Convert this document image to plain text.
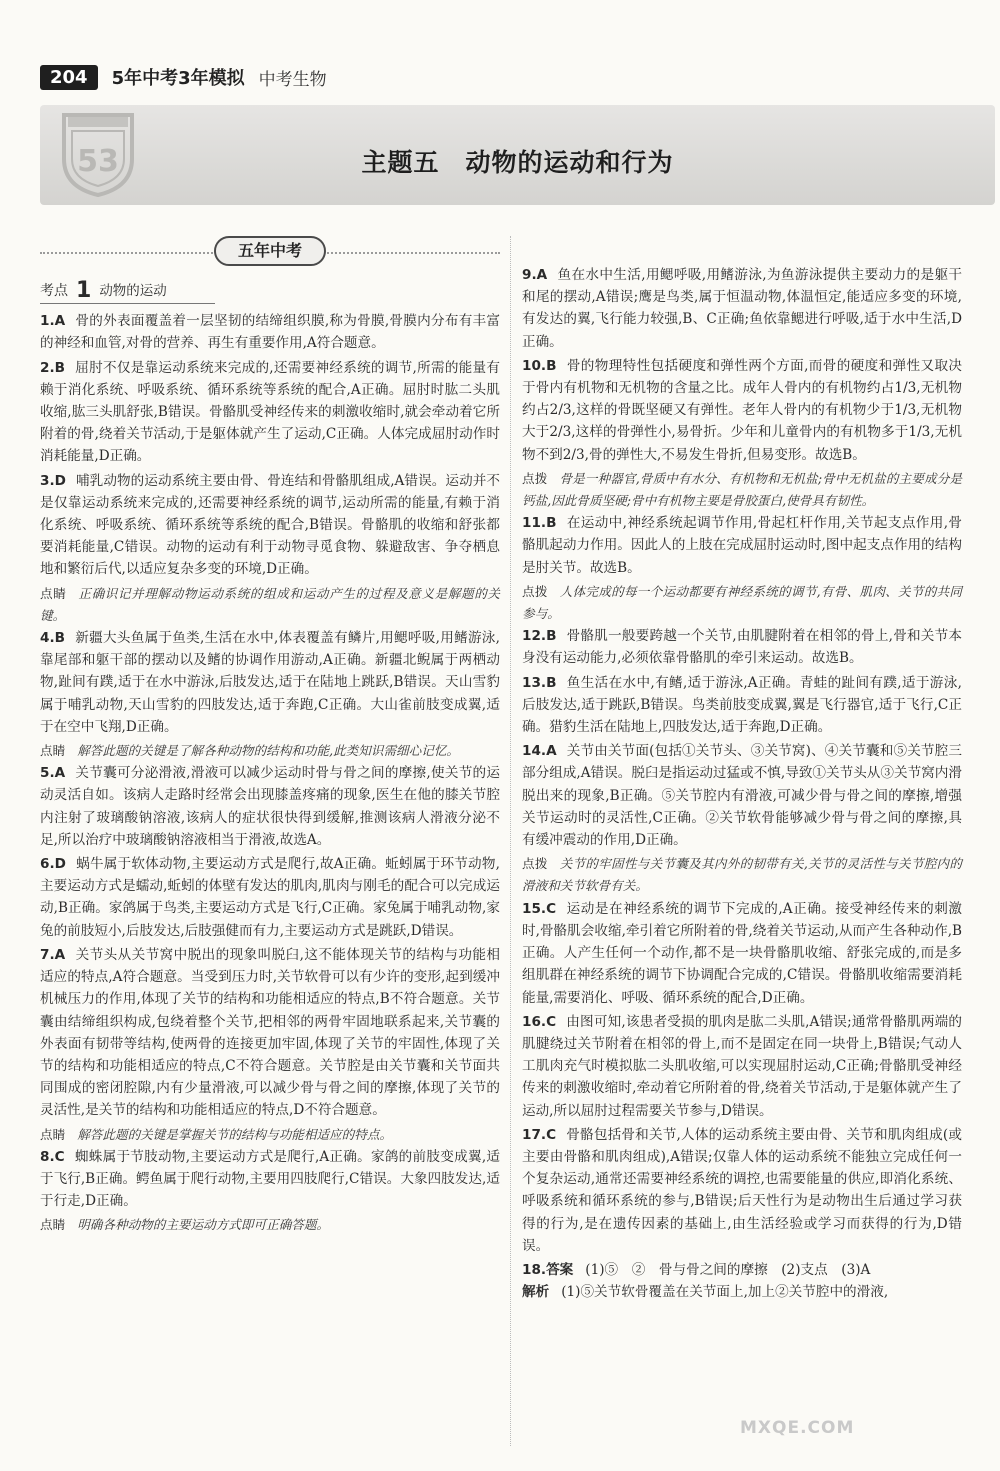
204	5年中考3年模拟 中考生物
53	主题五　动物的运动和行为
五年中考
考点 1 动物的运动
1.A 骨的外表面覆盖着一层坚韧的结缔组织膜,称为骨膜,骨膜内分布有丰富的神经和血管,对骨的营养、再生有重要作用,A符合题意。
2.B 屈肘不仅是靠运动系统来完成的,还需要神经系统的调节,所需的能量有赖于消化系统、呼吸系统、循环系统等系统的配合,A正确。屈肘时肱二头肌收缩,肱三头肌舒张,B错误。骨骼肌受神经传来的刺激收缩时,就会牵动着它所附着的骨,绕着关节活动,于是躯体就产生了运动,C正确。人体完成屈肘动作时消耗能量,D正确。
3.D 哺乳动物的运动系统主要由骨、骨连结和骨骼肌组成,A错误。运动并不是仅靠运动系统来完成的,还需要神经系统的调节,运动所需的能量,有赖于消化系统、呼吸系统、循环系统等系统的配合,B错误。骨骼肌的收缩和舒张都要消耗能量,C错误。动物的运动有利于动物寻觅食物、躲避敌害、争夺栖息地和繁衍后代,以适应复杂多变的环境,D正确。
点睛 正确识记并理解动物运动系统的组成和运动产生的过程及意义是解题的关键。
4.B 新疆大头鱼属于鱼类,生活在水中,体表覆盖有鳞片,用鳃呼吸,用鳍游泳,靠尾部和躯干部的摆动以及鳍的协调作用游动,A正确。新疆北鲵属于两栖动物,趾间有蹼,适于在水中游泳,后肢发达,适于在陆地上跳跃,B错误。天山雪豹属于哺乳动物,天山雪豹的四肢发达,适于奔跑,C正确。大山雀前肢变成翼,适于在空中飞翔,D正确。
点睛 解答此题的关键是了解各种动物的结构和功能,此类知识需细心记忆。
5.A 关节囊可分泌滑液,滑液可以减少运动时骨与骨之间的摩擦,使关节的运动灵活自如。该病人走路时经常会出现膝盖疼痛的现象,医生在他的膝关节腔内注射了玻璃酸钠溶液,该病人的症状很快得到缓解,推测该病人滑液分泌不足,所以治疗中玻璃酸钠溶液相当于滑液,故选A。
6.D 蜗牛属于软体动物,主要运动方式是爬行,故A正确。蚯蚓属于环节动物,主要运动方式是蠕动,蚯蚓的体壁有发达的肌肉,肌肉与刚毛的配合可以完成运动,B正确。家鸽属于鸟类,主要运动方式是飞行,C正确。家兔属于哺乳动物,家兔的前肢短小,后肢发达,后肢强健而有力,主要运动方式是跳跃,D错误。
7.A 关节头从关节窝中脱出的现象叫脱臼,这不能体现关节的结构与功能相适应的特点,A符合题意。当受到压力时,关节软骨可以有少许的变形,起到缓冲机械压力的作用,体现了关节的结构和功能相适应的特点,B不符合题意。关节囊由结缔组织构成,包绕着整个关节,把相邻的两骨牢固地联系起来,关节囊的外表面有韧带等结构,使两骨的连接更加牢固,体现了关节的牢固性,体现了关节的结构和功能相适应的特点,C不符合题意。关节腔是由关节囊和关节面共同围成的密闭腔隙,内有少量滑液,可以减少骨与骨之间的摩擦,体现了关节的灵活性,是关节的结构和功能相适应的特点,D不符合题意。
点睛 解答此题的关键是掌握关节的结构与功能相适应的特点。
8.C 蜘蛛属于节肢动物,主要运动方式是爬行,A正确。家鸽的前肢变成翼,适于飞行,B正确。鳄鱼属于爬行动物,主要用四肢爬行,C错误。大象四肢发达,适于行走,D正确。
点睛 明确各种动物的主要运动方式即可正确答题。
9.A 鱼在水中生活,用鳃呼吸,用鳍游泳,为鱼游泳提供主要动力的是躯干和尾的摆动,A错误;鹰是鸟类,属于恒温动物,体温恒定,能适应多变的环境,有发达的翼,飞行能力较强,B、C正确;鱼依靠鳃进行呼吸,适于水中生活,D正确。
10.B 骨的物理特性包括硬度和弹性两个方面,而骨的硬度和弹性又取决于骨内有机物和无机物的含量之比。成年人骨内的有机物约占1/3,无机物约占2/3,这样的骨既坚硬又有弹性。老年人骨内的有机物少于1/3,无机物大于2/3,这样的骨弹性小,易骨折。少年和儿童骨内的有机物多于1/3,无机物不到2/3,骨的弹性大,不易发生骨折,但易变形。故选B。
点拨 骨是一种器官,骨质中有水分、有机物和无机盐;骨中无机盐的主要成分是钙盐,因此骨质坚硬;骨中有机物主要是骨胶蛋白,使骨具有韧性。
11.B 在运动中,神经系统起调节作用,骨起杠杆作用,关节起支点作用,骨骼肌起动力作用。因此人的上肢在完成屈肘运动时,图中起支点作用的结构是肘关节。故选B。
点拨 人体完成的每一个运动都要有神经系统的调节,有骨、肌肉、关节的共同参与。
12.B 骨骼肌一般要跨越一个关节,由肌腱附着在相邻的骨上,骨和关节本身没有运动能力,必须依靠骨骼肌的牵引来运动。故选B。
13.B 鱼生活在水中,有鳍,适于游泳,A正确。青蛙的趾间有蹼,适于游泳,后肢发达,适于跳跃,B错误。鸟类前肢变成翼,翼是飞行器官,适于飞行,C正确。猎豹生活在陆地上,四肢发达,适于奔跑,D正确。
14.A 关节由关节面(包括①关节头、③关节窝)、④关节囊和⑤关节腔三部分组成,A错误。脱臼是指运动过猛或不慎,导致①关节头从③关节窝内滑脱出来的现象,B正确。⑤关节腔内有滑液,可减少骨与骨之间的摩擦,增强关节运动时的灵活性,C正确。②关节软骨能够减少骨与骨之间的摩擦,具有缓冲震动的作用,D正确。
点拨 关节的牢固性与关节囊及其内外的韧带有关,关节的灵活性与关节腔内的滑液和关节软骨有关。
15.C 运动是在神经系统的调节下完成的,A正确。接受神经传来的刺激时,骨骼肌会收缩,牵引着它所附着的骨,绕着关节运动,从而产生各种动作,B正确。人产生任何一个动作,都不是一块骨骼肌收缩、舒张完成的,而是多组肌群在神经系统的调节下协调配合完成的,C错误。骨骼肌收缩需要消耗能量,需要消化、呼吸、循环系统的配合,D正确。
16.C 由图可知,该患者受损的肌肉是肱二头肌,A错误;通常骨骼肌两端的肌腱绕过关节附着在相邻的骨上,而不是固定在同一块骨上,B错误;气动人工肌肉充气时模拟肱二头肌收缩,可以实现屈肘运动,C正确;骨骼肌受神经传来的刺激收缩时,牵动着它所附着的骨,绕着关节活动,于是躯体就产生了运动,所以屈肘过程需要关节参与,D错误。
17.C 骨骼包括骨和关节,人体的运动系统主要由骨、关节和肌肉组成(或主要由骨骼和肌肉组成),A错误;仅靠人体的运动系统不能独立完成任何一个复杂运动,通常还需要神经系统的调控,也需要能量的供应,即消化系统、呼吸系统和循环系统的参与,B错误;后天性行为是动物出生后通过学习获得的行为,是在遗传因素的基础上,由生活经验或学习而获得的行为,D错误。
18.答案 (1)⑤　②　骨与骨之间的摩擦　(2)支点　(3)A
解析 (1)⑤关节软骨覆盖在关节面上,加上②关节腔中的滑液,
MXQE.COM
